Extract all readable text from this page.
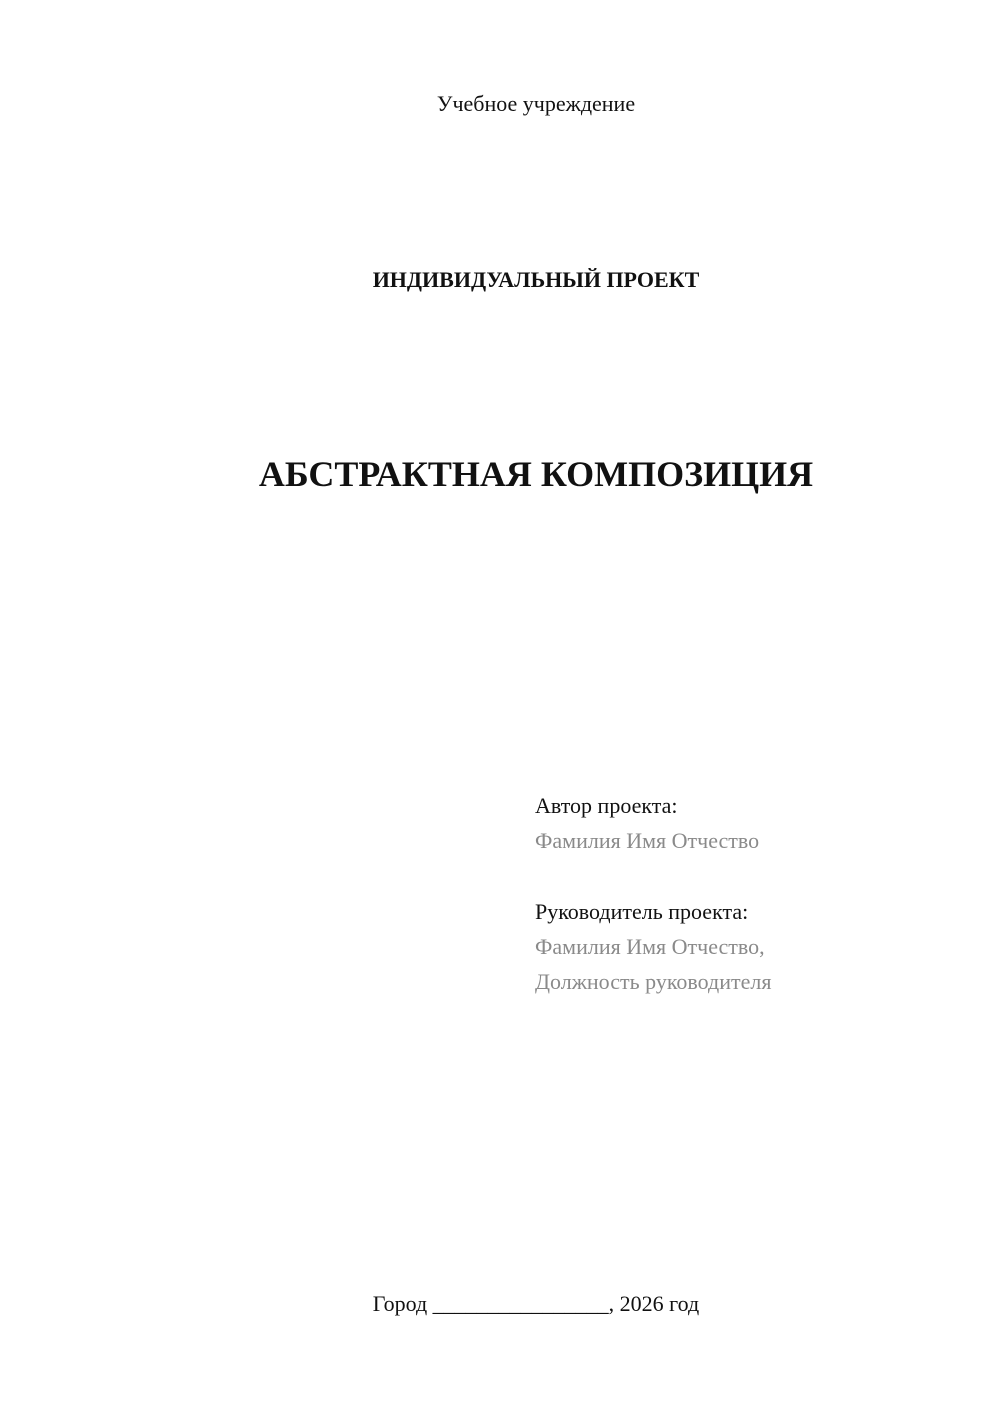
Учебное учреждение
ИНДИВИДУАЛЬНЫЙ ПРОЕКТ
АБСТРАКТНАЯ КОМПОЗИЦИЯ
Автор проекта:
Фамилия Имя Отчество
Руководитель проекта:
Фамилия Имя Отчество,
Должность руководителя
Город ________________, 2026 год
